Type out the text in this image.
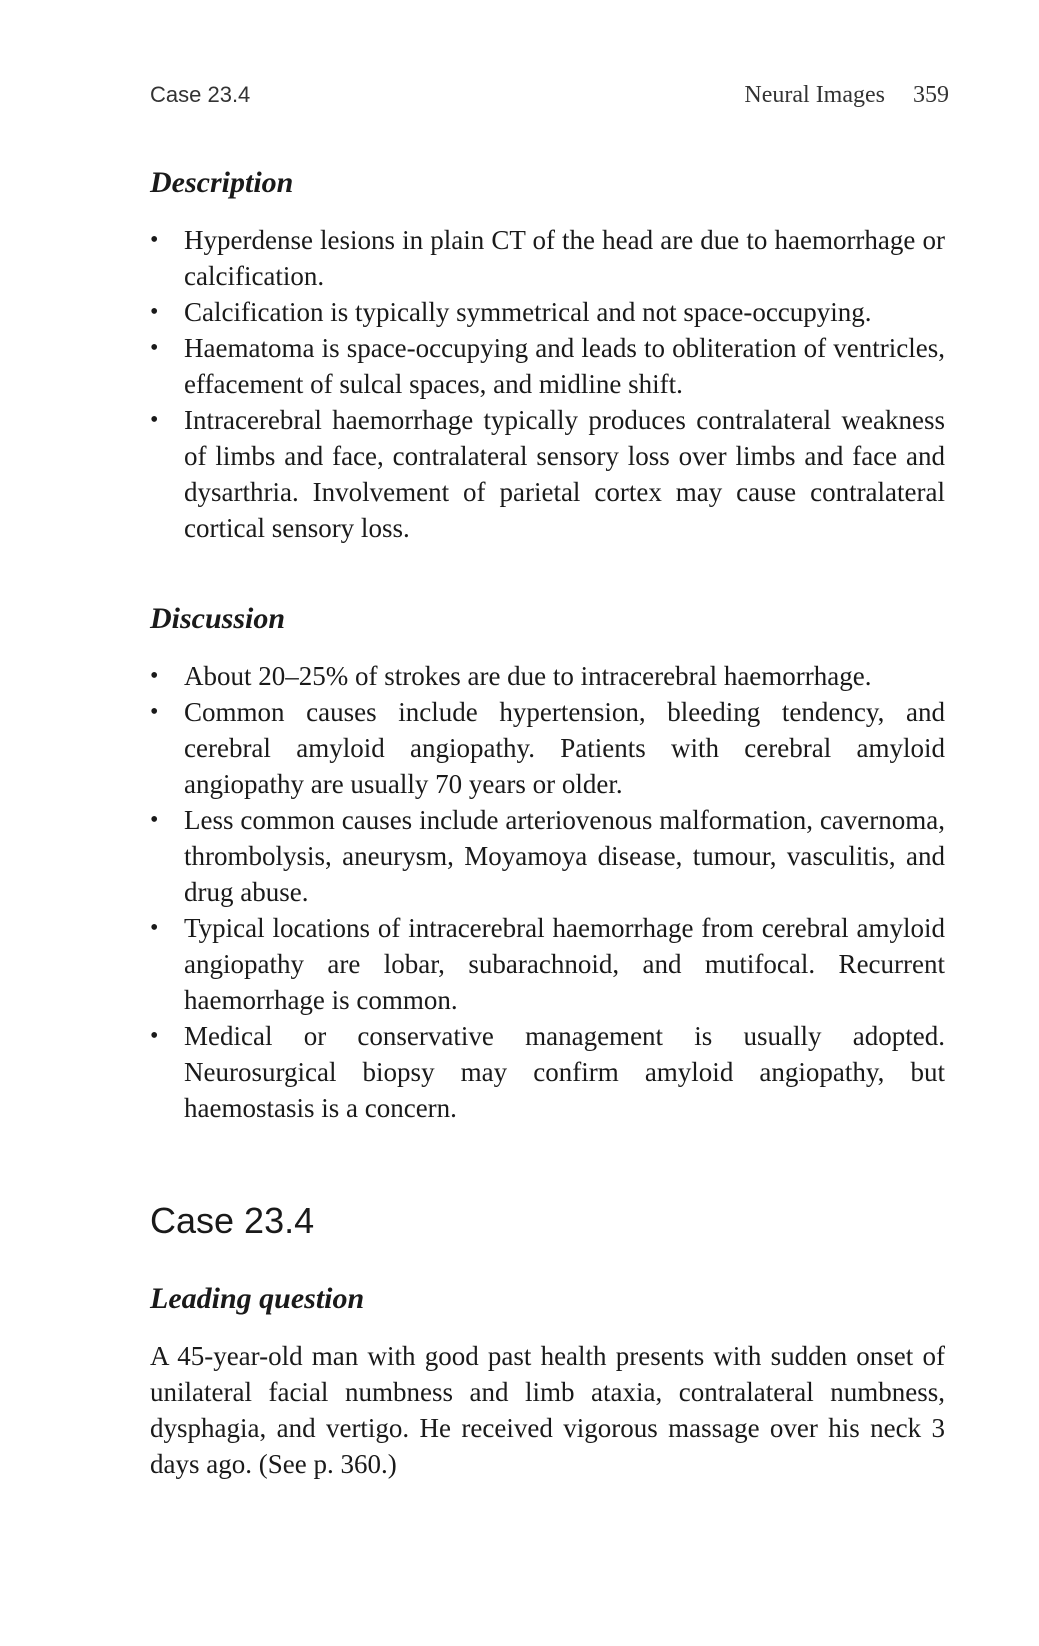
Case 23.4	Neural Images 359
Description
• Hyperdense lesions in plain CT of the head are due to haemorrhage or calcification.
• Calcification is typically symmetrical and not space-occupying.
• Haematoma is space-occupying and leads to obliteration of ventricles, effacement of sulcal spaces, and midline shift.
• Intracerebral haemorrhage typically produces contralateral weakness of limbs and face, contralateral sensory loss over limbs and face and dysarthria. Involvement of parietal cortex may cause contralateral cortical sensory loss.
Discussion
• About 20–25% of strokes are due to intracerebral haemorrhage.
• Common causes include hypertension, bleeding tendency, and cerebral amyloid angiopathy. Patients with cerebral amyloid angiopathy are usually 70 years or older.
• Less common causes include arteriovenous malformation, cavernoma, thrombolysis, aneurysm, Moyamoya disease, tumour, vasculitis, and drug abuse.
• Typical locations of intracerebral haemorrhage from cerebral amyloid angiopathy are lobar, subarachnoid, and mutifocal. Recurrent haemorrhage is common.
• Medical or conservative management is usually adopted. Neurosurgical biopsy may confirm amyloid angiopathy, but haemostasis is a concern.
Case 23.4
Leading question

A 45-year-old man with good past health presents with sudden onset of unilateral facial numbness and limb ataxia, contralateral numbness, dysphagia, and vertigo. He received vigorous massage over his neck 3 days ago. (See p. 360.)
